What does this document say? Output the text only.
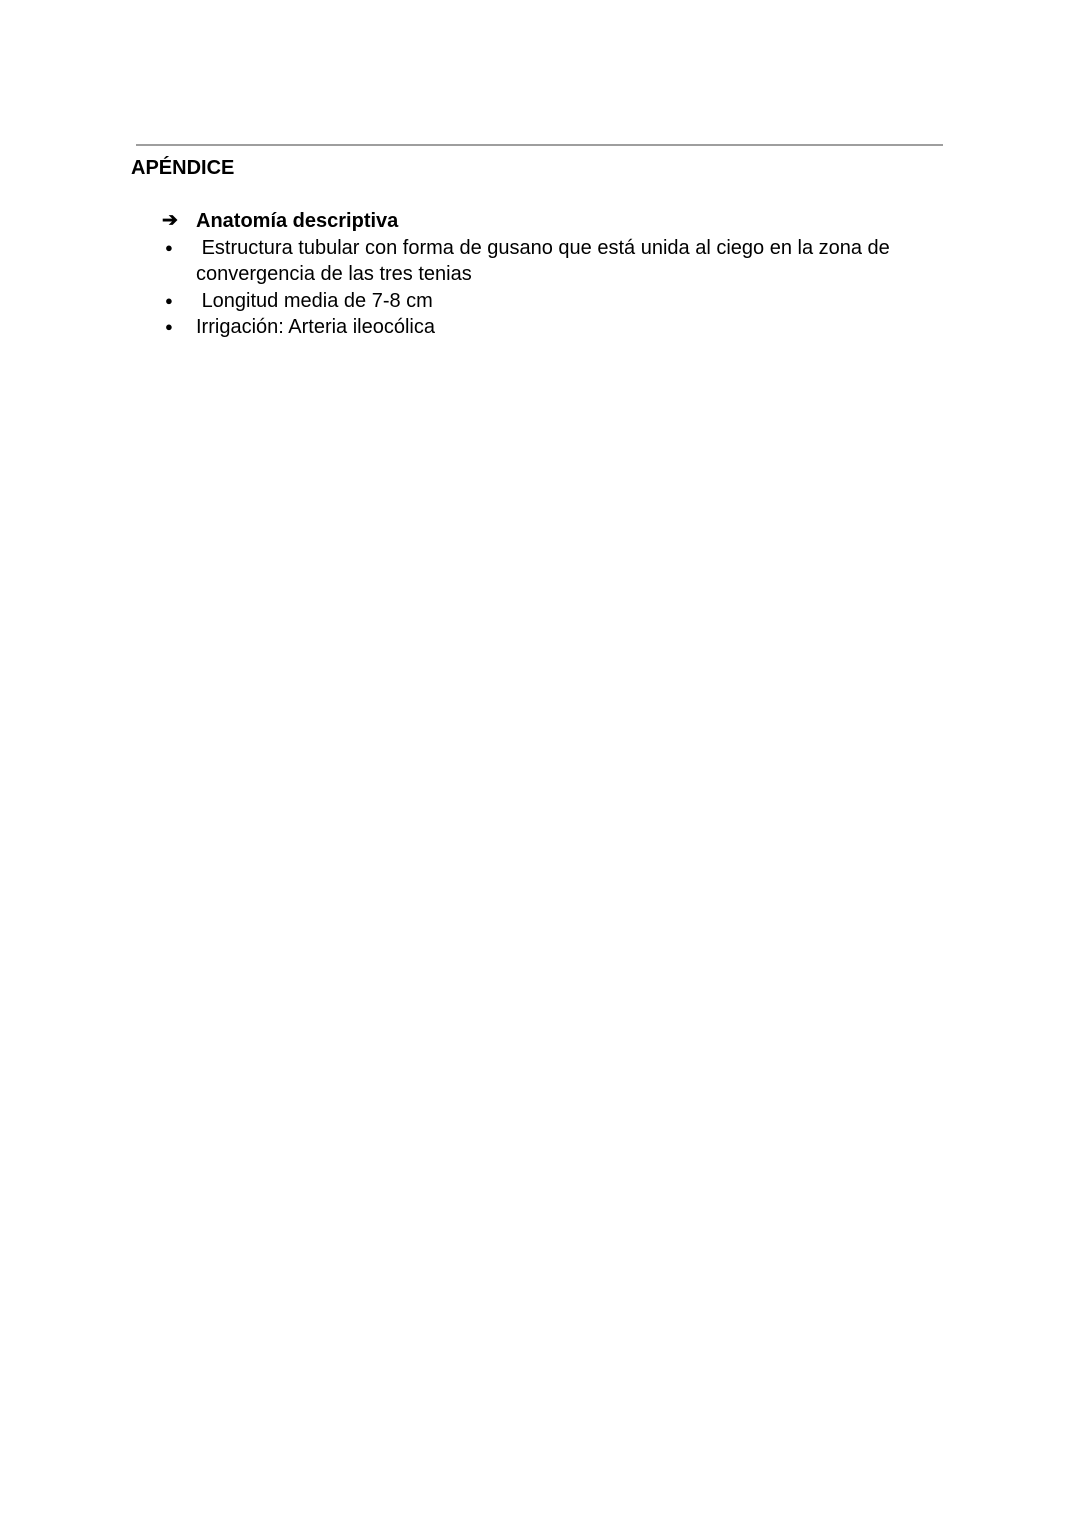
APÉNDICE
➔ Anatomía descriptiva
●	Estructura tubular con forma de gusano que está unida al ciego en la zona de convergencia de las tres tenias
●	Longitud media de 7-8 cm
●	Irrigación: Arteria ileocólica
